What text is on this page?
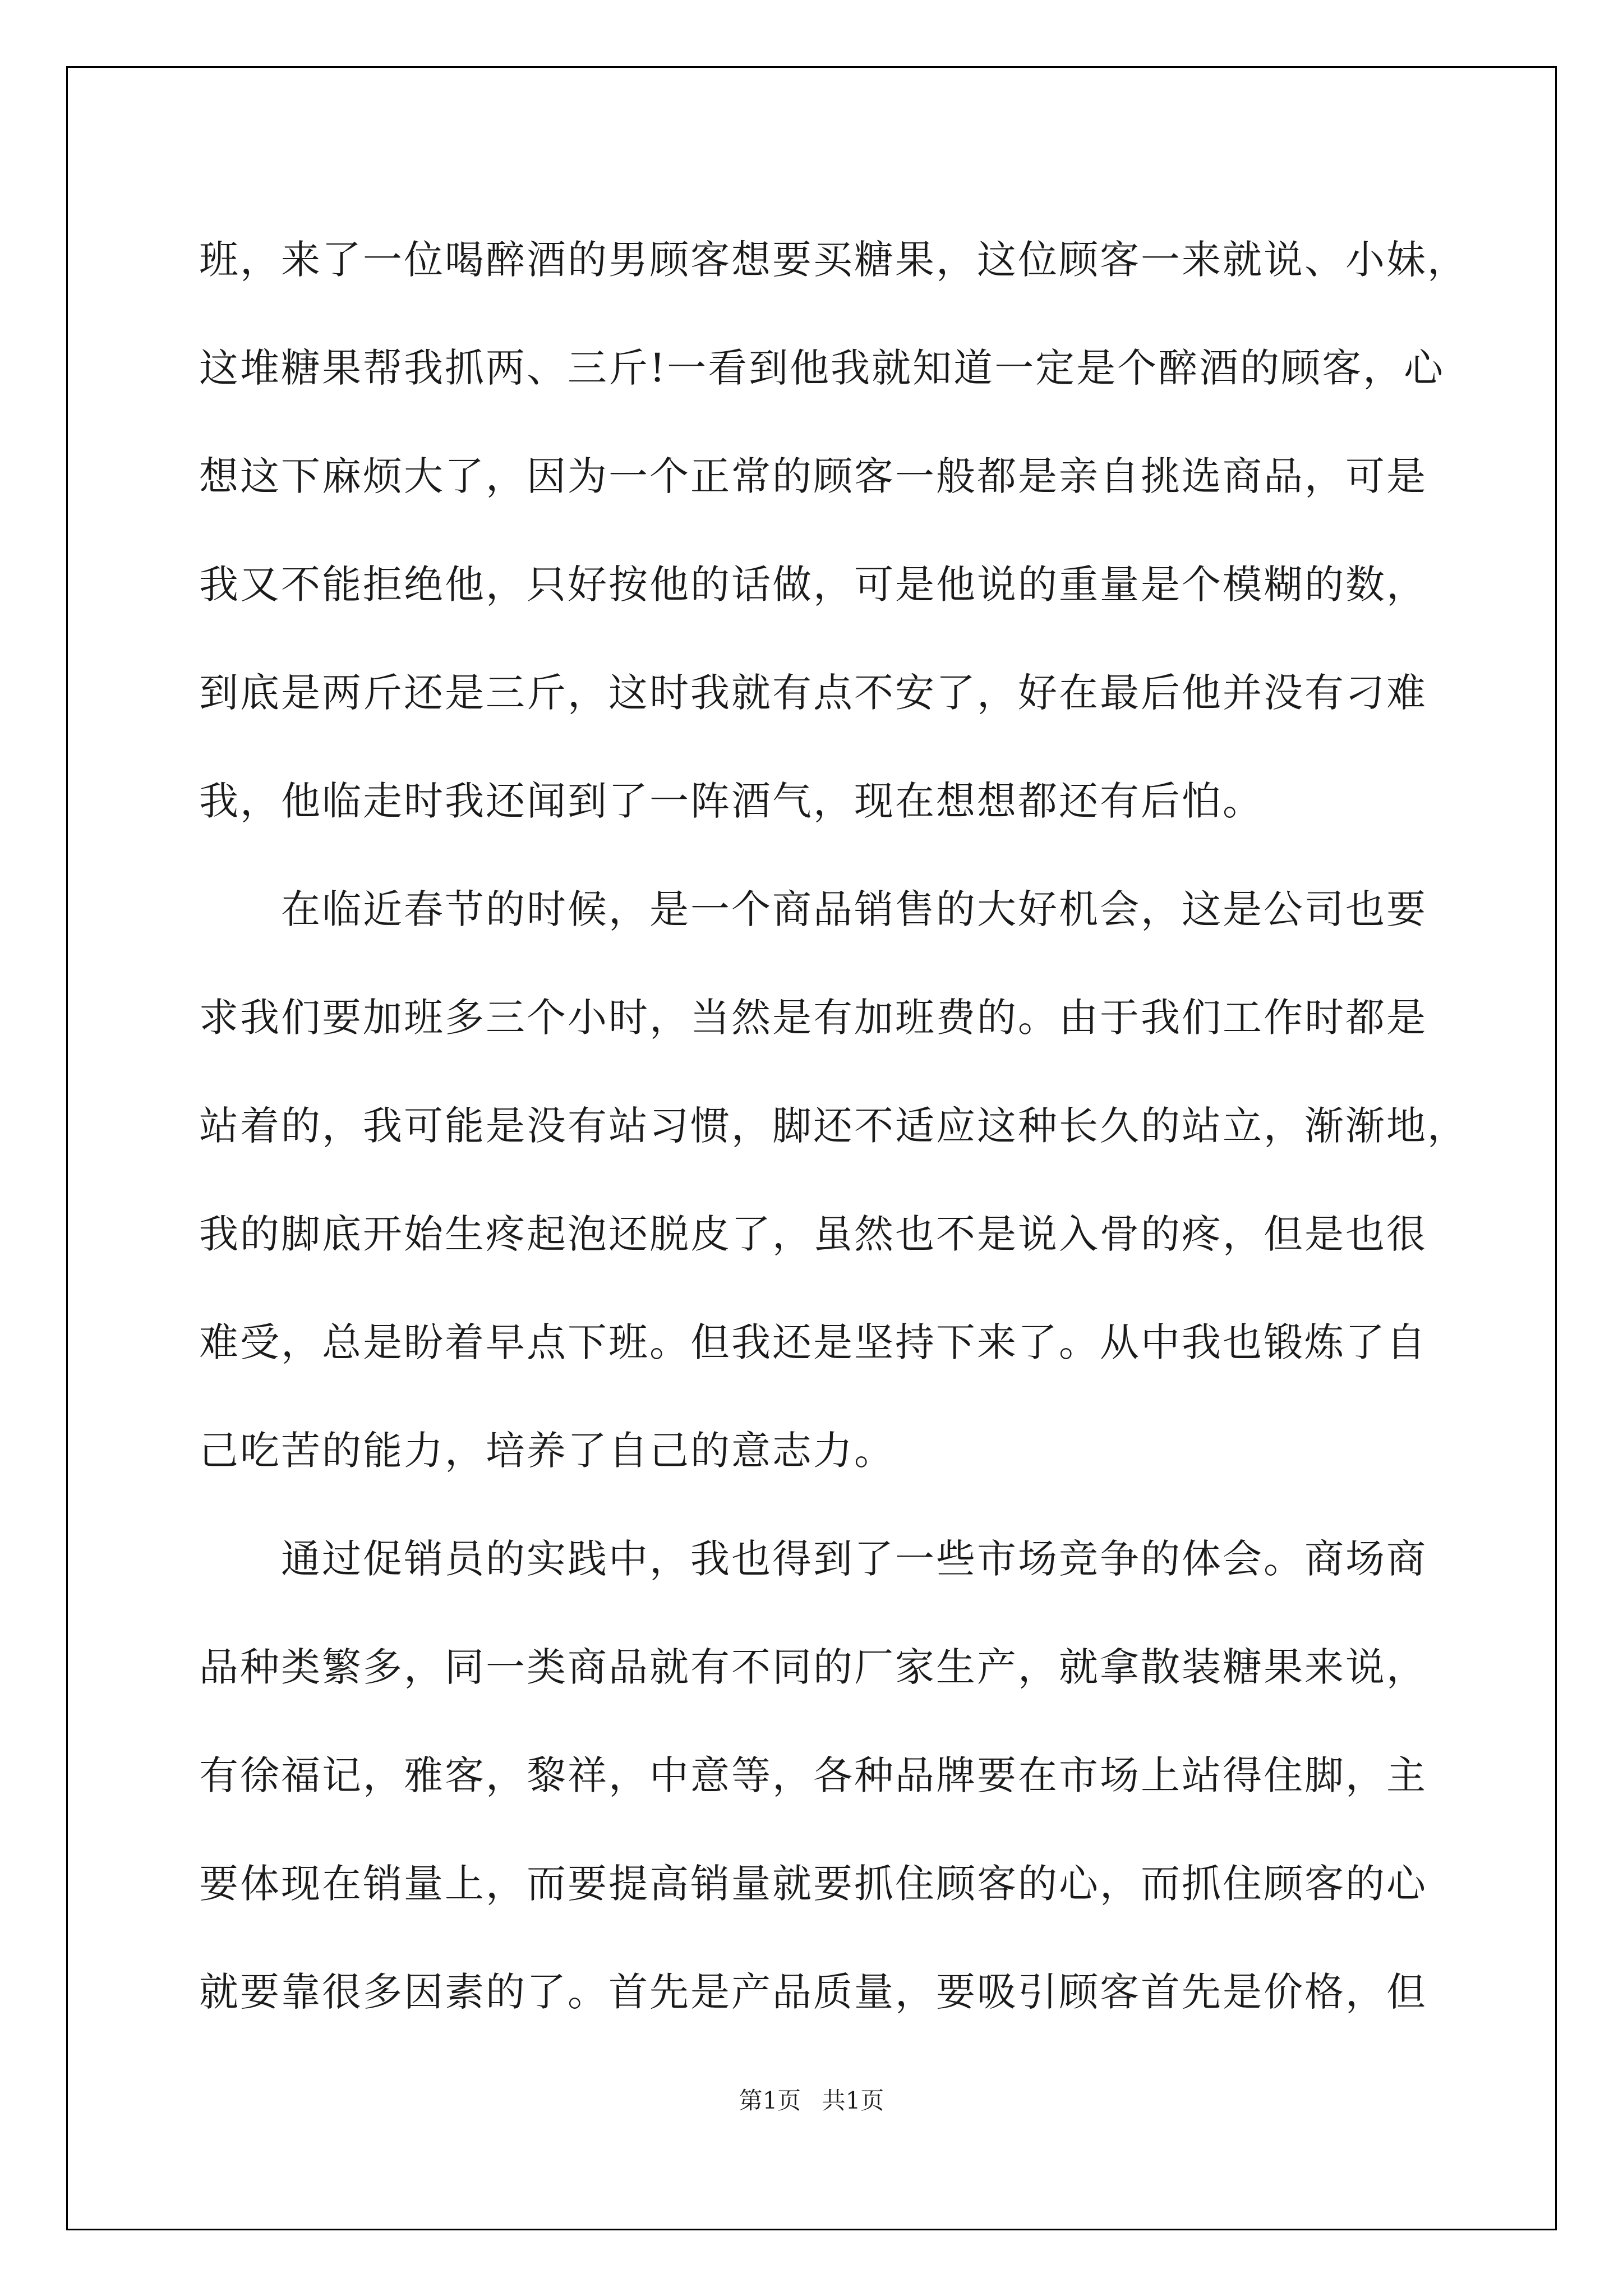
班，来了一位喝醉酒的男顾客想要买糖果，这位顾客一来就说、小妹，
这堆糖果帮我抓两、三斤!一看到他我就知道一定是个醉酒的顾客，心
想这下麻烦大了，因为一个正常的顾客一般都是亲自挑选商品，可是
我又不能拒绝他，只好按他的话做，可是他说的重量是个模糊的数，
到底是两斤还是三斤，这时我就有点不安了，好在最后他并没有刁难
我，他临走时我还闻到了一阵酒气，现在想想都还有后怕。
在临近春节的时候，是一个商品销售的大好机会，这是公司也要
求我们要加班多三个小时，当然是有加班费的。由于我们工作时都是
站着的，我可能是没有站习惯，脚还不适应这种长久的站立，渐渐地，
我的脚底开始生疼起泡还脱皮了，虽然也不是说入骨的疼，但是也很
难受，总是盼着早点下班。但我还是坚持下来了。从中我也锻炼了自
己吃苦的能力，培养了自己的意志力。
通过促销员的实践中，我也得到了一些市场竞争的体会。商场商
品种类繁多，同一类商品就有不同的厂家生产，就拿散装糖果来说，
有徐福记，雅客，黎祥，中意等，各种品牌要在市场上站得住脚，主
要体现在销量上，而要提高销量就要抓住顾客的心，而抓住顾客的心
就要靠很多因素的了。首先是产品质量，要吸引顾客首先是价格，但
第1页 共1页
